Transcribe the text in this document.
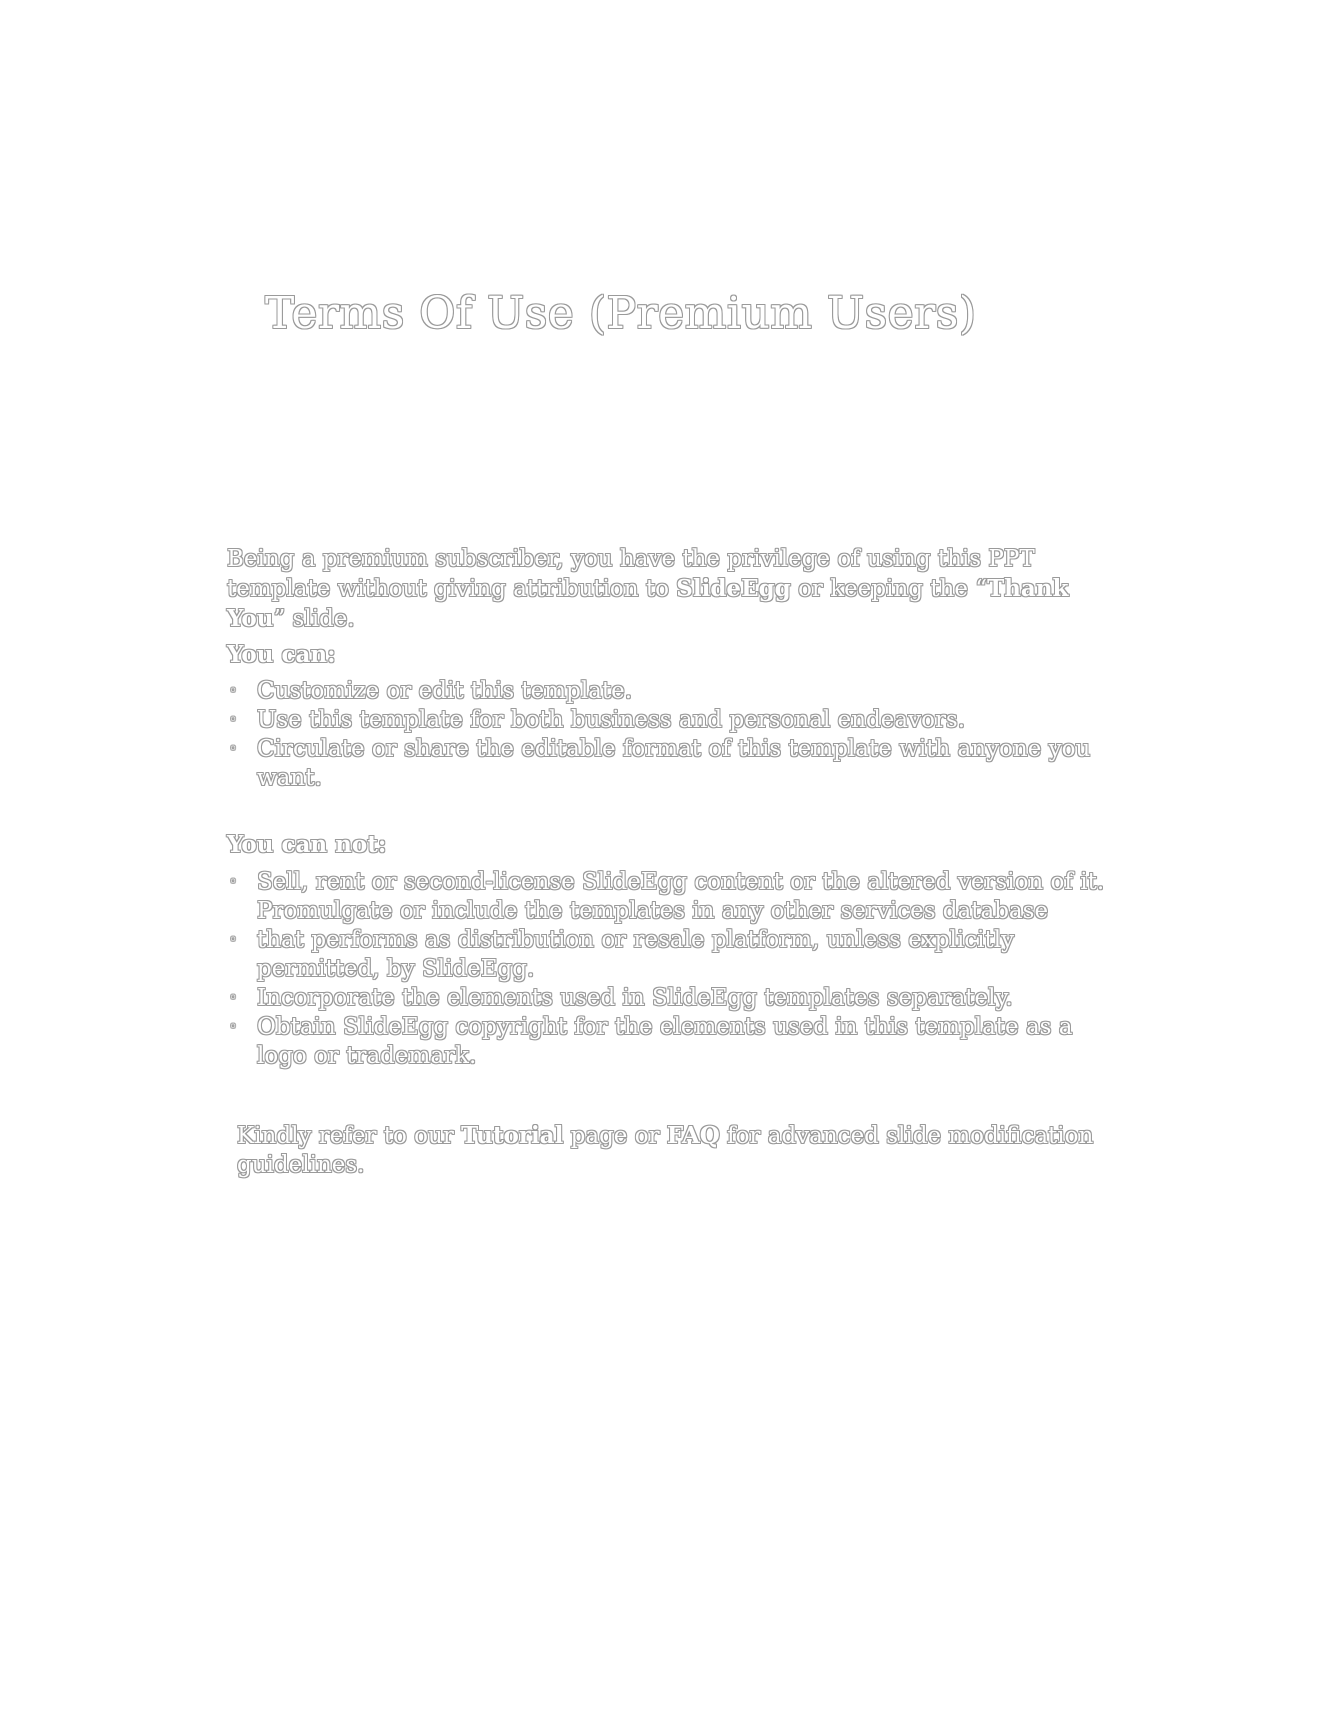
Terms Of Use (Premium Users)

Being a premium subscriber, you have the privilege of using this PPT template without giving attribution to SlideEgg or keeping the “Thank You” slide.

You can:
◦ Customize or edit this template.
◦ Use this template for both business and personal endeavors.
◦ Circulate or share the editable format of this template with anyone you want.
You can not:
◦ Sell, rent or second-license SlideEgg content or the altered version of it. Promulgate or include the templates in any other services database
◦ that performs as distribution or resale platform, unless explicitly permitted, by SlideEgg.
◦ Incorporate the elements used in SlideEgg templates separately.
◦ Obtain SlideEgg copyright for the elements used in this template as a logo or trademark.

Kindly refer to our Tutorial page or FAQ for advanced slide modification guidelines.
